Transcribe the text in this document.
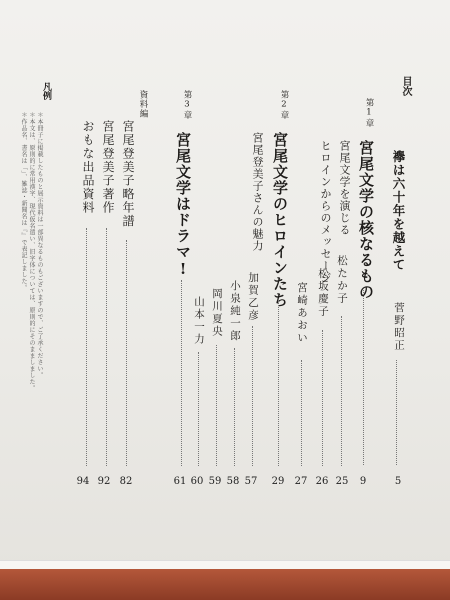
目次
襷は六十年を越えて
菅野昭正
5
第1章
宮尾文学の核なるもの
9
宮尾文学を演じる
ヒロインからのメッセージ 松たか子
25
松坂慶子
26
宮崎あおい
27
第2章
宮尾文学のヒロインたち
29
宮尾登美子さんの魅力
加賀乙彦
57
小泉純一郎
58
岡川夏央
59
山本一力
60
第3章
宮尾文学はドラマ!
61
資料編
宮尾登美子略年譜
82
宮尾登美子著作
92
おもな出品資料
94
凡例
＊本冊子に掲載したものと展示資料は一部異なるものもございますので、ご了承ください。
＊本文は、原則的に常用漢字、現代仮名遣い、旧字体については、原則的にそのまましました。
＊作品名、書名は「」、雑誌・新聞名は『』で表記しました。
